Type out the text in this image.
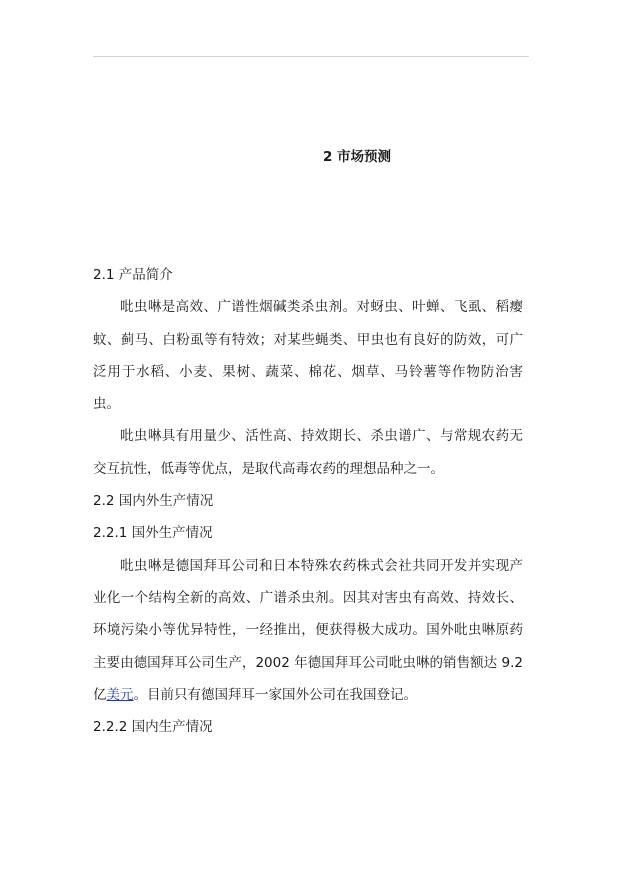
2 市场预测

2.1 产品简介

吡虫啉是高效、广谱性烟碱类杀虫剂。对蚜虫、叶蝉、飞虱、稻瘿蚊、蓟马、白粉虱等有特效；对某些蝇类、甲虫也有良好的防效，可广泛用于水稻、小麦、果树、蔬菜、棉花、烟草、马铃薯等作物防治害虫。

吡虫啉具有用量少、活性高、持效期长、杀虫谱广、与常规农药无交互抗性，低毒等优点，是取代高毒农药的理想品种之一。

2.2 国内外生产情况

2.2.1 国外生产情况

吡虫啉是德国拜耳公司和日本特殊农药株式会社共同开发并实现产业化一个结构全新的高效、广谱杀虫剂。因其对害虫有高效、持效长、环境污染小等优异特性，一经推出，便获得极大成功。国外吡虫啉原药主要由德国拜耳公司生产，2002 年德国拜耳公司吡虫啉的销售额达 9.2 亿美元。目前只有德国拜耳一家国外公司在我国登记。

2.2.2 国内生产情况
